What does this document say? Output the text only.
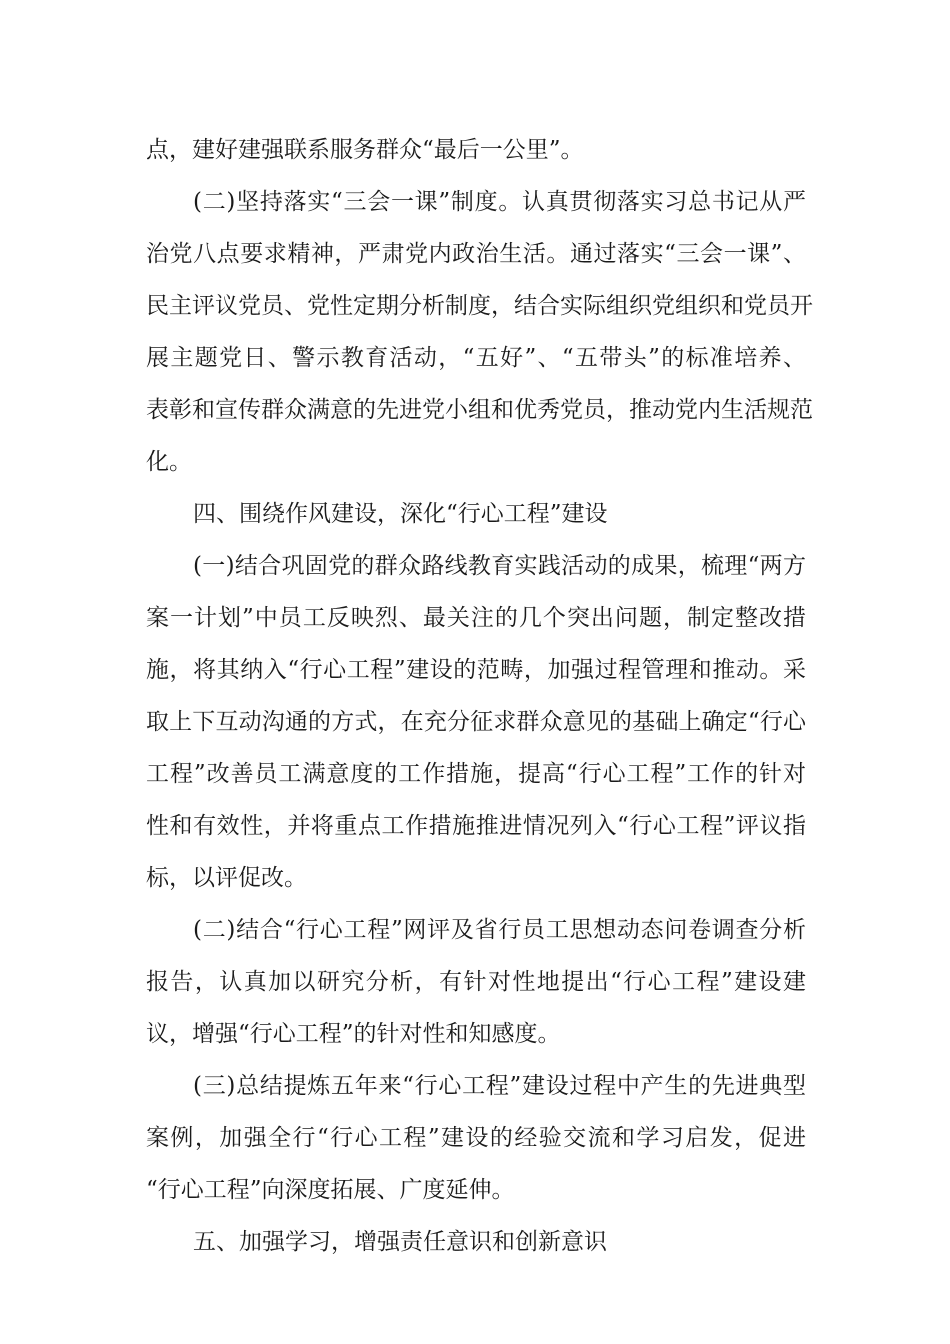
点，建好建强联系服务群众“最后一公里”。
(二)坚持落实“三会一课”制度。认真贯彻落实习总书记从严
治党八点要求精神，严肃党内政治生活。通过落实“三会一课”、
民主评议党员、党性定期分析制度，结合实际组织党组织和党员开
展主题党日、警示教育活动，“五好”、“五带头”的标准培养、
表彰和宣传群众满意的先进党小组和优秀党员，推动党内生活规范
化。
四、围绕作风建设，深化“行心工程”建设
(一)结合巩固党的群众路线教育实践活动的成果，梳理“两方
案一计划”中员工反映烈、最关注的几个突出问题，制定整改措
施，将其纳入“行心工程”建设的范畴，加强过程管理和推动。采
取上下互动沟通的方式，在充分征求群众意见的基础上确定“行心
工程”改善员工满意度的工作措施，提高“行心工程”工作的针对
性和有效性，并将重点工作措施推进情况列入“行心工程”评议指
标，以评促改。
(二)结合“行心工程”网评及省行员工思想动态问卷调查分析
报告，认真加以研究分析，有针对性地提出“行心工程”建设建
议，增强“行心工程”的针对性和知感度。
(三)总结提炼五年来“行心工程”建设过程中产生的先进典型
案例，加强全行“行心工程”建设的经验交流和学习启发，促进
“行心工程”向深度拓展、广度延伸。
五、加强学习，增强责任意识和创新意识
